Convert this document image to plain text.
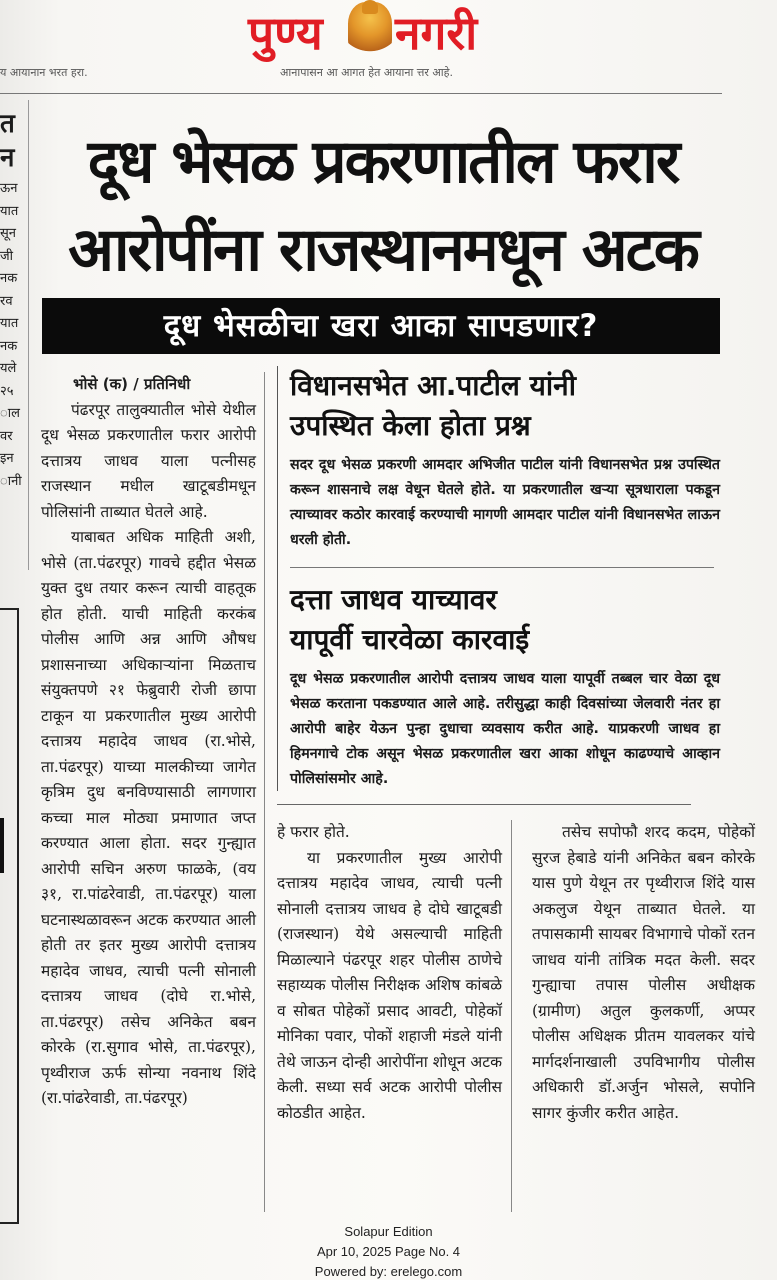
पुण्य नगरी
य आयानान भरत हरा.	आनापासन आ आगत हेत आयाना त्तर आहे.
त
न
ऊन
यात
सून
जी
नक
रव
यात
नक
यले
२५
ाल
वर
इन
ानी
दूध भेसळ प्रकरणातील फरार
आरोपींना राजस्थानमधून अटक
दूध भेसळीचा खरा आका सापडणार?
भोसे (क) / प्रतिनिधी

पंढरपूर तालुक्यातील भोसे येथील दूध भेसळ प्रकरणातील फरार आरोपी दत्तात्रय जाधव याला पत्नीसह राजस्थान मधील खाटूबडीमधून पोलिसांनी ताब्यात घेतले आहे.

याबाबत अधिक माहिती अशी, भोसे (ता.पंढरपूर) गावचे हद्दीत भेसळ युक्त दुध तयार करून त्याची वाहतूक होत होती. याची माहिती करकंब पोलीस आणि अन्न आणि औषध प्रशासनाच्या अधिकाऱ्यांना मिळताच संयुक्तपणे २१ फेब्रुवारी रोजी छापा टाकून या प्रकरणातील मुख्य आरोपी दत्तात्रय महादेव जाधव (रा.भोसे, ता.पंढरपूर) याच्या मालकीच्या जागेत कृत्रिम दुध बनविण्यासाठी लागणारा कच्चा माल मोठ्या प्रमाणात जप्त करण्यात आला होता. सदर गुन्ह्यात आरोपी सचिन अरुण फाळके, (वय ३१, रा.पांढरेवाडी, ता.पंढरपूर) याला घटनास्थळावरून अटक करण्यात आली होती तर इतर मुख्य आरोपी दत्तात्रय महादेव जाधव, त्याची पत्नी सोनाली दत्तात्रय जाधव (दोघे रा.भोसे, ता.पंढरपूर) तसेच अनिकेत बबन कोरके (रा.सुगाव भोसे, ता.पंढरपूर), पृथ्वीराज ऊर्फ सोन्या नवनाथ शिंदे (रा.पांढरेवाडी, ता.पंढरपूर)

विधानसभेत आ.पाटील यांनी
उपस्थित केला होता प्रश्न
सदर दूध भेसळ प्रकरणी आमदार अभिजीत पाटील यांनी विधानसभेत प्रश्न उपस्थित करून शासनाचे लक्ष वेधून घेतले होते. या प्रकरणातील खऱ्या सूत्रधाराला पकडून त्याच्यावर कठोर कारवाई करण्याची मागणी आमदार पाटील यांनी विधानसभेत लाऊन धरली होती.
दत्ता जाधव याच्यावर
यापूर्वी चारवेळा कारवाई
दूध भेसळ प्रकरणातील आरोपी दत्तात्रय जाधव याला यापूर्वी तब्बल चार वेळा दूध भेसळ करताना पकडण्यात आले आहे. तरीसुद्धा काही दिवसांच्या जेलवारी नंतर हा आरोपी बाहेर येऊन पुन्हा दुधाचा व्यवसाय करीत आहे. याप्रकरणी जाधव हा हिमनगाचे टोक असून भेसळ प्रकरणातील खरा आका शोधून काढण्याचे आव्हान पोलिसांसमोर आहे.

हे फरार होते.

या प्रकरणातील मुख्य आरोपी दत्तात्रय महादेव जाधव, त्याची पत्नी सोनाली दत्तात्रय जाधव हे दोघे खाटूबडी (राजस्थान) येथे असल्याची माहिती मिळाल्याने पंढरपूर शहर पोलीस ठाणेचे सहाय्यक पोलीस निरीक्षक अशिष कांबळे व सोबत पोहेकों प्रसाद आवटी, पोहेकॉ मोनिका पवार, पोकों शहाजी मंडले यांनी तेथे जाऊन दोन्ही आरोपींना शोधून अटक केली. सध्या सर्व अटक आरोपी पोलीस कोठडीत आहेत.

तसेच सपोफौ शरद कदम, पोहेकों सुरज हेबाडे यांनी अनिकेत बबन कोरके यास पुणे येथून तर पृथ्वीराज शिंदे यास अकलुज येथून ताब्यात घेतले. या तपासकामी सायबर विभागाचे पोकों रतन जाधव यांनी तांत्रिक मदत केली. सदर गुन्ह्याचा तपास पोलीस अधीक्षक (ग्रामीण) अतुल कुलकर्णी, अप्पर पोलीस अधिक्षक प्रीतम यावलकर यांचे मार्गदर्शनाखाली उपविभागीय पोलीस अधिकारी डॉ.अर्जुन भोसले, सपोनि सागर कुंजीर करीत आहेत.

Solapur Edition
Apr 10, 2025 Page No. 4
Powered by: erelego.com
